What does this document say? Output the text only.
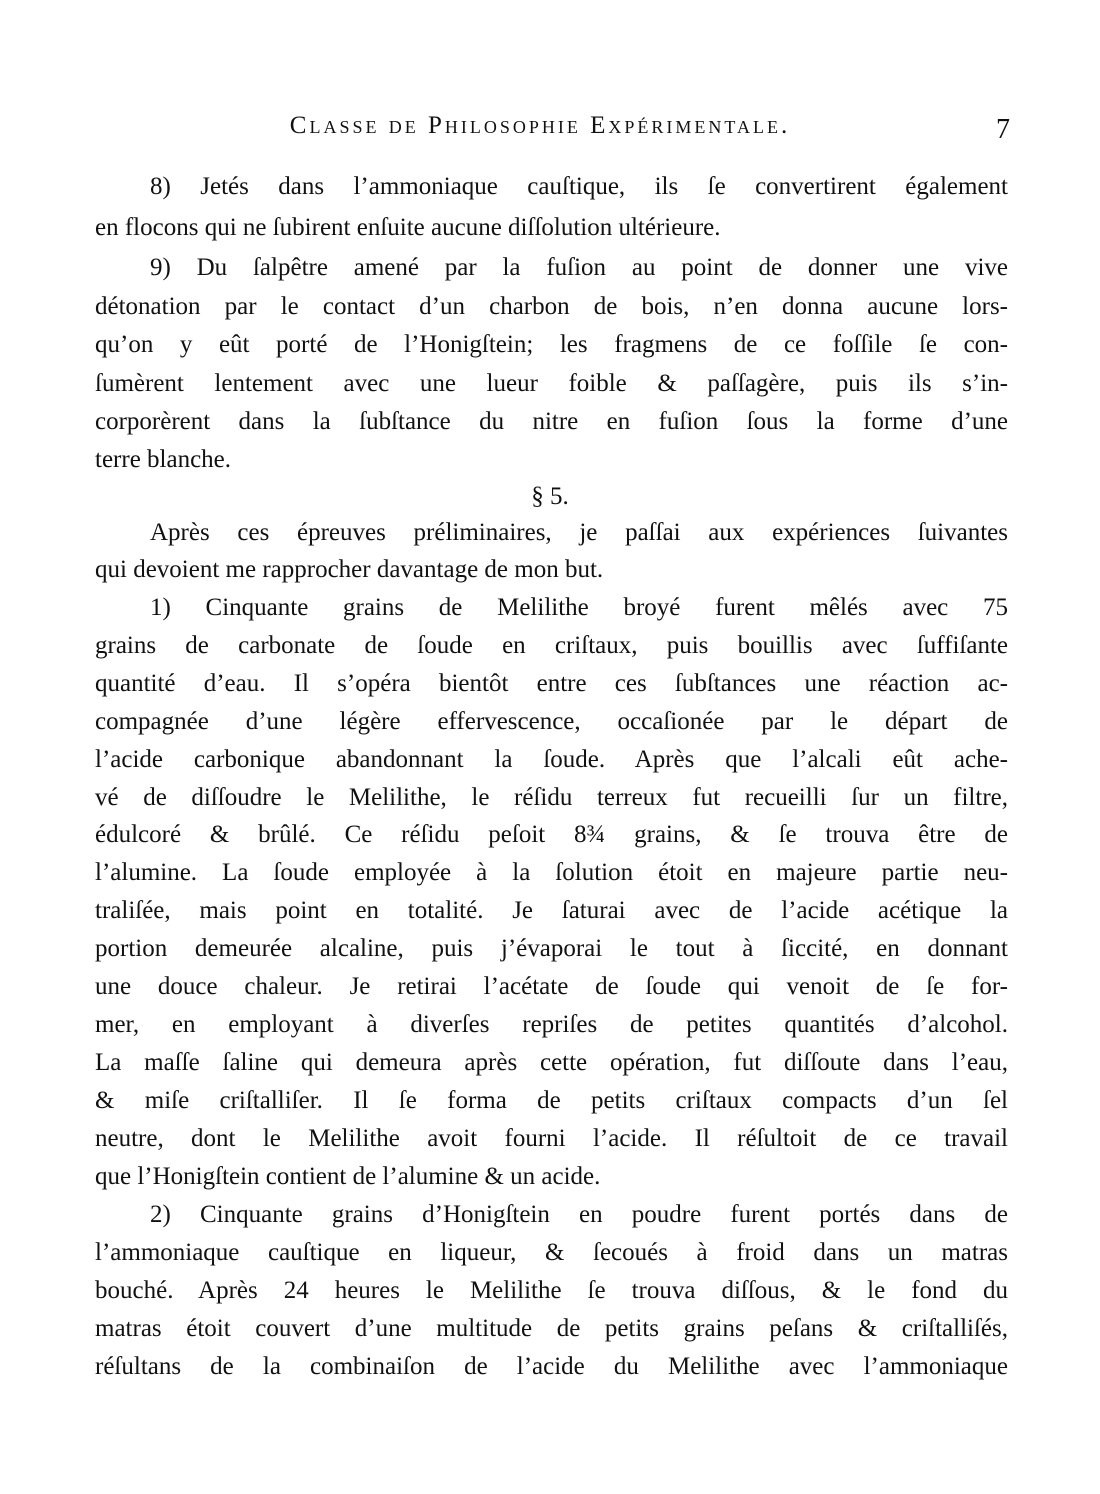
Classe de Philosophie Expérimentale.	7
8) Jetés dans l’ammoniaque cauſtique, ils ſe convertirent également
en flocons qui ne ſubirent enſuite aucune diſſolution ultérieure.
9) Du ſalpêtre amené par la fuſion au point de donner une vive
détonation par le contact d’un charbon de bois, n’en donna aucune lors-
qu’on y eût porté de l’Honigſtein; les fragmens de ce foſſile ſe con-
ſumèrent lentement avec une lueur foible & paſſagère, puis ils s’in-
corporèrent dans la ſubſtance du nitre en fuſion ſous la forme d’une
terre blanche.
§ 5.
Après ces épreuves préliminaires, je paſſai aux expériences ſuivantes
qui devoient me rapprocher davantage de mon but.
1) Cinquante grains de Melilithe broyé furent mêlés avec 75
grains de carbonate de ſoude en criſtaux, puis bouillis avec ſuffiſante
quantité d’eau. Il s’opéra bientôt entre ces ſubſtances une réaction ac-
compagnée d’une légère effervescence, occaſionée par le départ de
l’acide carbonique abandonnant la ſoude. Après que l’alcali eût ache-
vé de diſſoudre le Melilithe, le réſidu terreux fut recueilli ſur un filtre,
édulcoré & brûlé. Ce réſidu peſoit 8¾ grains, & ſe trouva être de
l’alumine. La ſoude employée à la ſolution étoit en majeure partie neu-
traliſée, mais point en totalité. Je ſaturai avec de l’acide acétique la
portion demeurée alcaline, puis j’évaporai le tout à ſiccité, en donnant
une douce chaleur. Je retirai l’acétate de ſoude qui venoit de ſe for-
mer, en employant à diverſes repriſes de petites quantités d’alcohol.
La maſſe ſaline qui demeura après cette opération, fut diſſoute dans l’eau,
& miſe criſtalliſer. Il ſe forma de petits criſtaux compacts d’un ſel
neutre, dont le Melilithe avoit fourni l’acide. Il réſultoit de ce travail
que l’Honigſtein contient de l’alumine & un acide.
2) Cinquante grains d’Honigſtein en poudre furent portés dans de
l’ammoniaque cauſtique en liqueur, & ſecoués à froid dans un matras
bouché. Après 24 heures le Melilithe ſe trouva diſſous, & le fond du
matras étoit couvert d’une multitude de petits grains peſans & criſtalliſés,
réſultans de la combinaiſon de l’acide du Melilithe avec l’ammoniaque
